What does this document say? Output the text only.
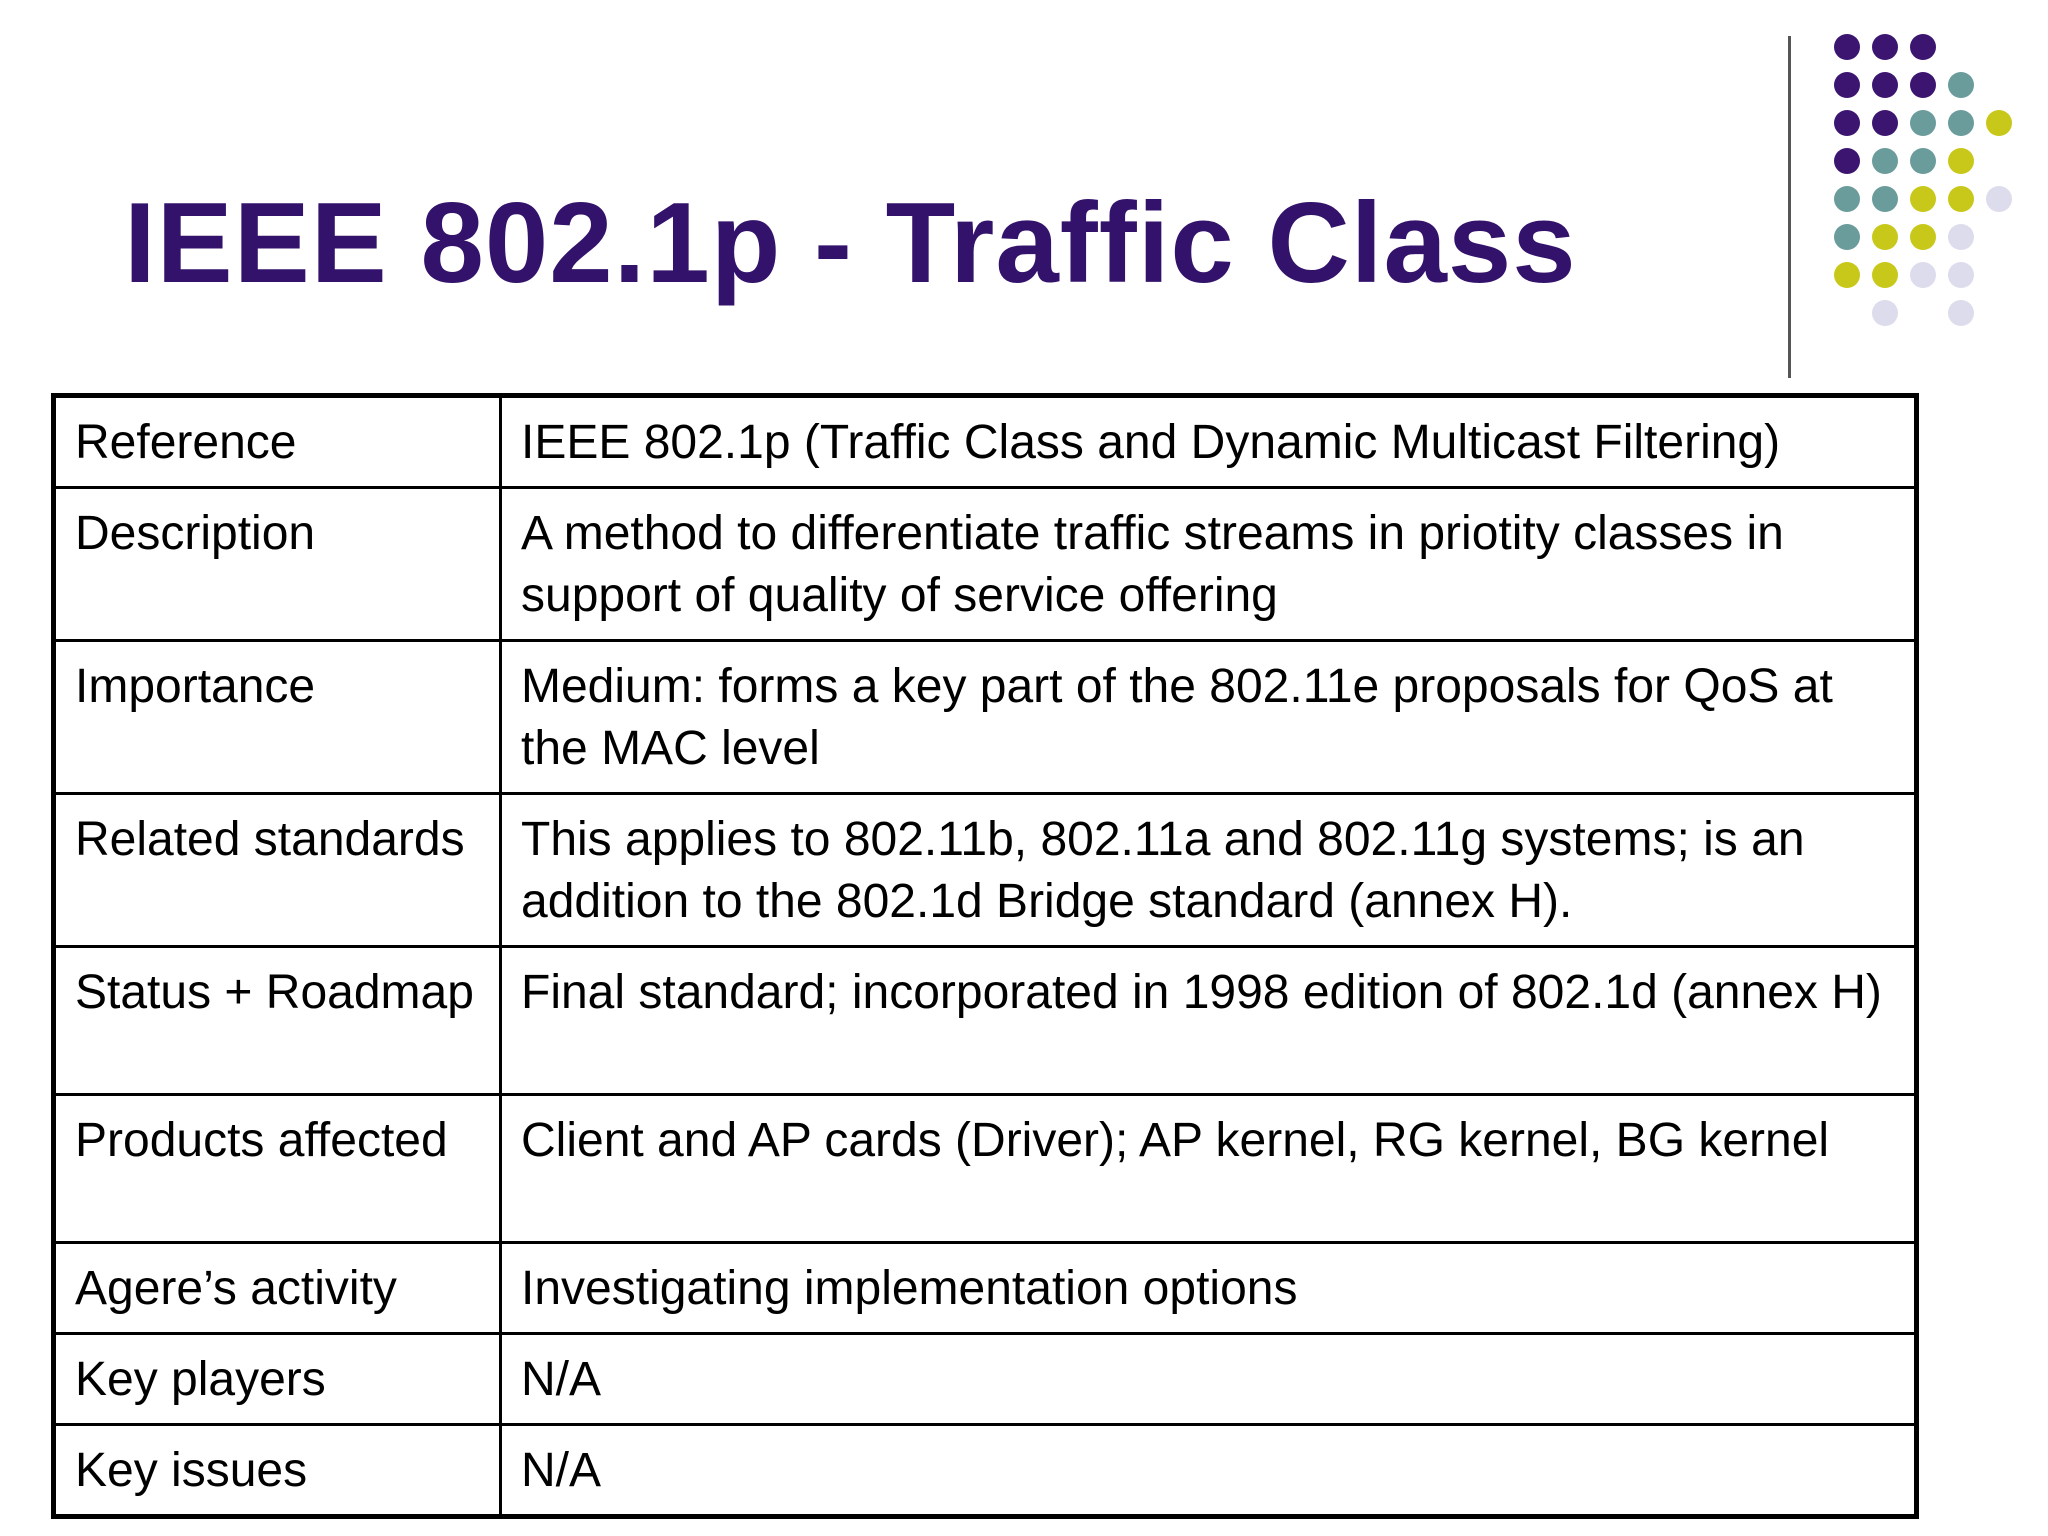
IEEE 802.1p - Traffic Class
Reference	IEEE 802.1p (Traffic Class and Dynamic Multicast Filtering)
Description	A method to differentiate traffic streams in priotity classes in support of quality of service offering
Importance	Medium: forms a key part of the 802.11e proposals for QoS at the MAC level
Related standards	This applies to 802.11b, 802.11a and 802.11g systems; is an addition to the 802.1d Bridge standard (annex H).
Status + Roadmap	Final standard; incorporated in 1998 edition of 802.1d (annex H)
Products affected	Client and AP cards (Driver); AP kernel, RG kernel, BG kernel
Agere’s activity	Investigating implementation options
Key players	N/A
Key issues	N/A
